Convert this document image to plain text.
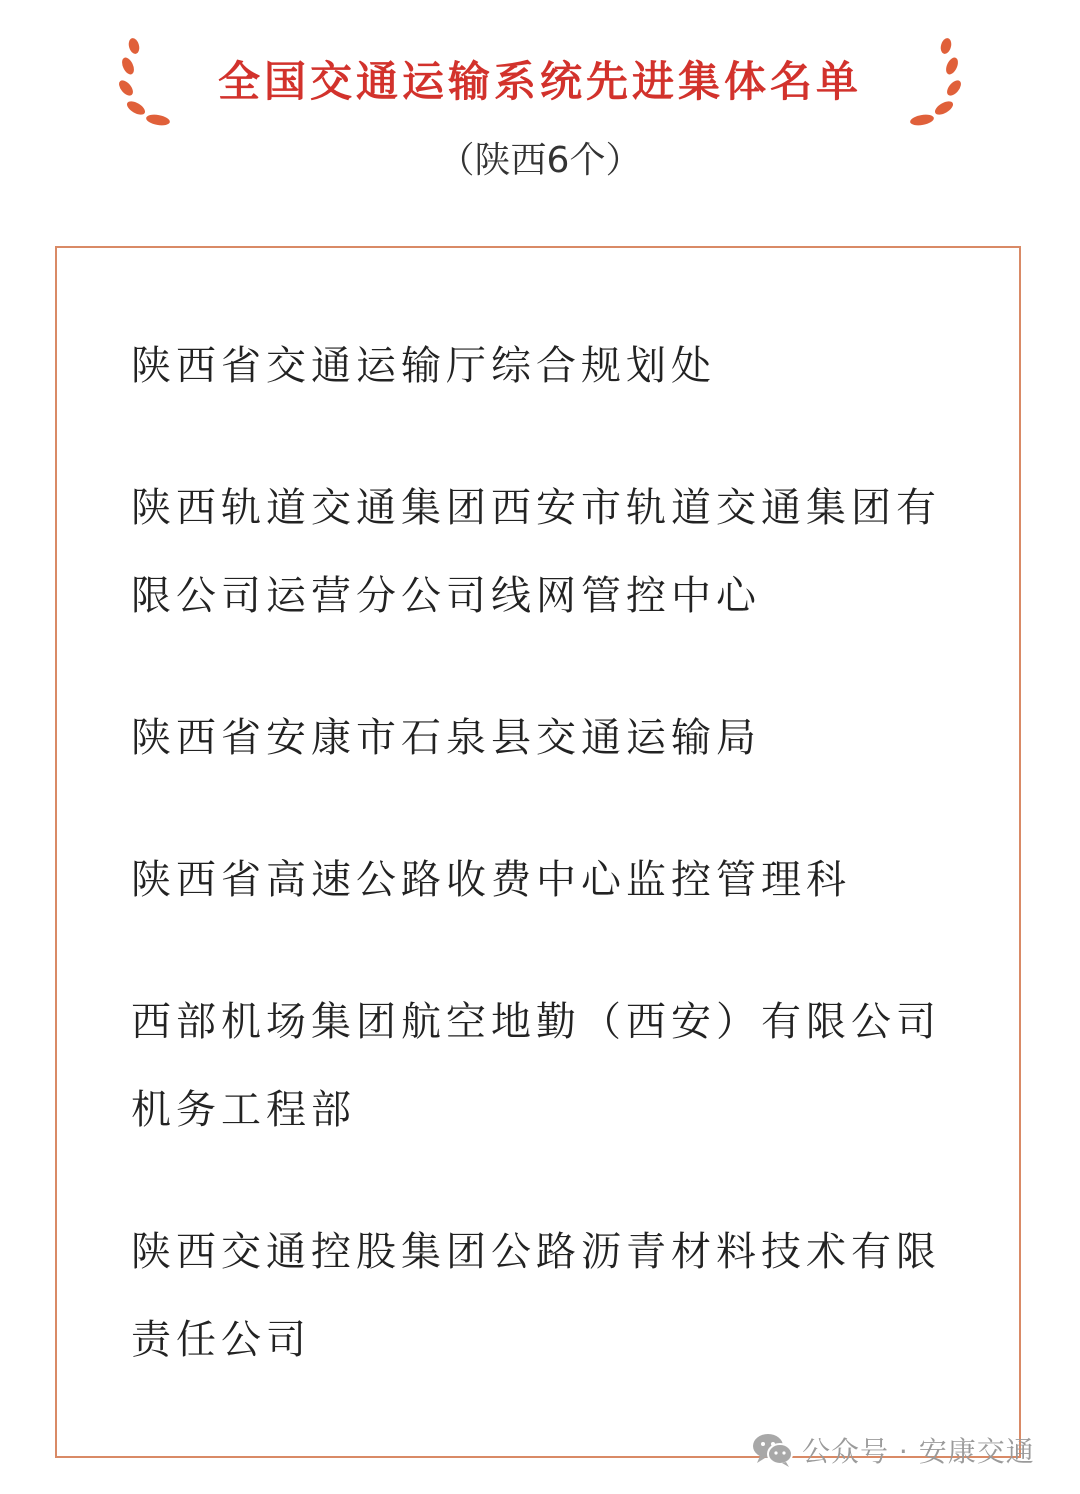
全国交通运输系统先进集体名单
（陕西6个）
陕西省交通运输厅综合规划处
陕西轨道交通集团西安市轨道交通集团有限公司运营分公司线网管控中心
陕西省安康市石泉县交通运输局
陕西省高速公路收费中心监控管理科
西部机场集团航空地勤（西安）有限公司机务工程部
陕西交通控股集团公路沥青材料技术有限责任公司
公众号 · 安康交通
